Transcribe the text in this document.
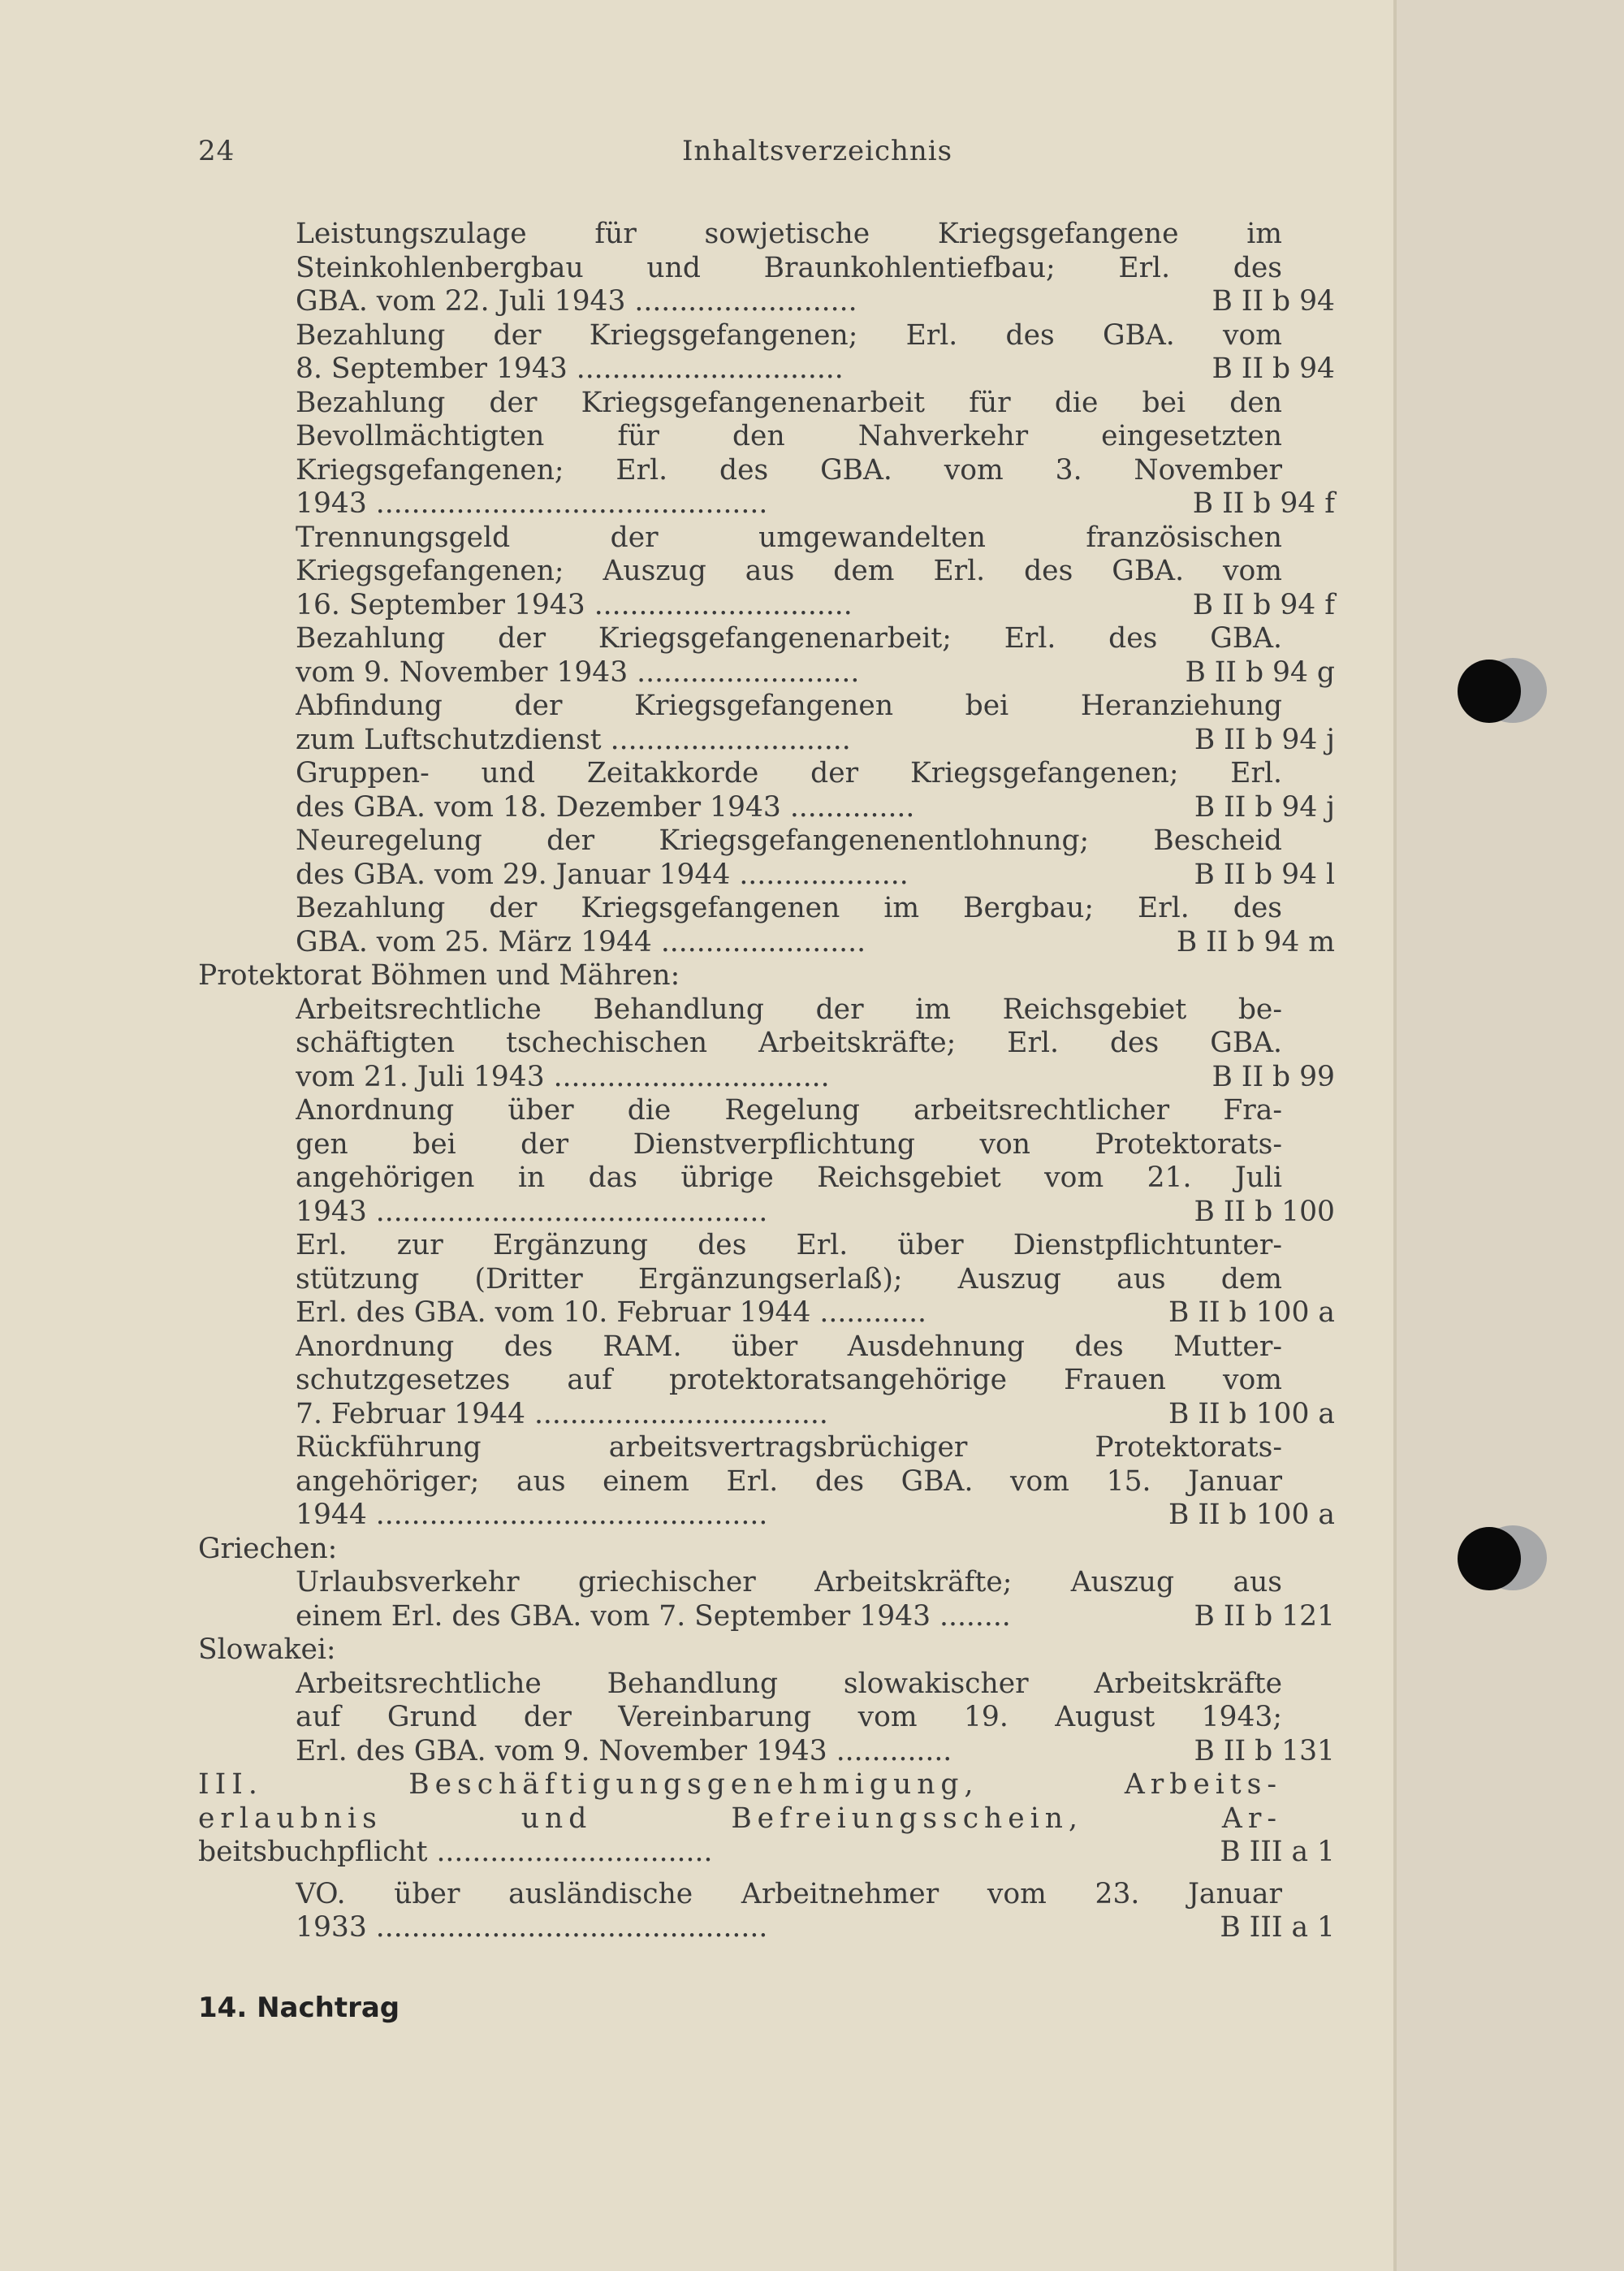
24	Inhaltsverzeichnis
Leistungszulage für sowjetische Kriegsgefangene im
Steinkohlenbergbau und Braunkohlentiefbau; Erl. des
GBA. vom 22. Juli 1943 .........................	B II b 94
Bezahlung der Kriegsgefangenen; Erl. des GBA. vom
8. September 1943 ..............................	B II b 94
Bezahlung der Kriegsgefangenenarbeit für die bei den
Bevollmächtigten für den Nahverkehr eingesetzten
Kriegsgefangenen; Erl. des GBA. vom 3. November
1943 ............................................	B II b 94 f
Trennungsgeld der umgewandelten französischen
Kriegsgefangenen; Auszug aus dem Erl. des GBA. vom
16. September 1943 .............................	B II b 94 f
Bezahlung der Kriegsgefangenenarbeit; Erl. des GBA.
vom 9. November 1943 .........................	B II b 94 g
Abfindung der Kriegsgefangenen bei Heranziehung
zum Luftschutzdienst ...........................	B II b 94 j
Gruppen- und Zeitakkorde der Kriegsgefangenen; Erl.
des GBA. vom 18. Dezember 1943 ..............	B II b 94 j
Neuregelung der Kriegsgefangenenentlohnung; Bescheid
des GBA. vom 29. Januar 1944 ...................	B II b 94 l
Bezahlung der Kriegsgefangenen im Bergbau; Erl. des
GBA. vom 25. März 1944 .......................	B II b 94 m
Protektorat Böhmen und Mähren:
Arbeitsrechtliche Behandlung der im Reichsgebiet be-
schäftigten tschechischen Arbeitskräfte; Erl. des GBA.
vom 21. Juli 1943 ...............................	B II b 99
Anordnung über die Regelung arbeitsrechtlicher Fra-
gen bei der Dienstverpflichtung von Protektorats-
angehörigen in das übrige Reichsgebiet vom 21. Juli
1943 ............................................	B II b 100
Erl. zur Ergänzung des Erl. über Dienstpflichtunter-
stützung (Dritter Ergänzungserlaß); Auszug aus dem
Erl. des GBA. vom 10. Februar 1944 ............	B II b 100 a
Anordnung des RAM. über Ausdehnung des Mutter-
schutzgesetzes auf protektoratsangehörige Frauen vom
7. Februar 1944 .................................	B II b 100 a
Rückführung arbeitsvertragsbrüchiger Protektorats-
angehöriger; aus einem Erl. des GBA. vom 15. Januar
1944 ............................................	B II b 100 a
Griechen:
Urlaubsverkehr griechischer Arbeitskräfte; Auszug aus
einem Erl. des GBA. vom 7. September 1943 ........	B II b 121
Slowakei:
Arbeitsrechtliche Behandlung slowakischer Arbeitskräfte
auf Grund der Vereinbarung vom 19. August 1943;
Erl. des GBA. vom 9. November 1943 .............	B II b 131
III. Beschäftigungsgenehmigung, Arbeits-
erlaubnis und Befreiungsschein, Ar-
beitsbuchpflicht ...............................	B III a 1
VO. über ausländische Arbeitnehmer vom 23. Januar
1933 ............................................	B III a 1
14. Nachtrag
